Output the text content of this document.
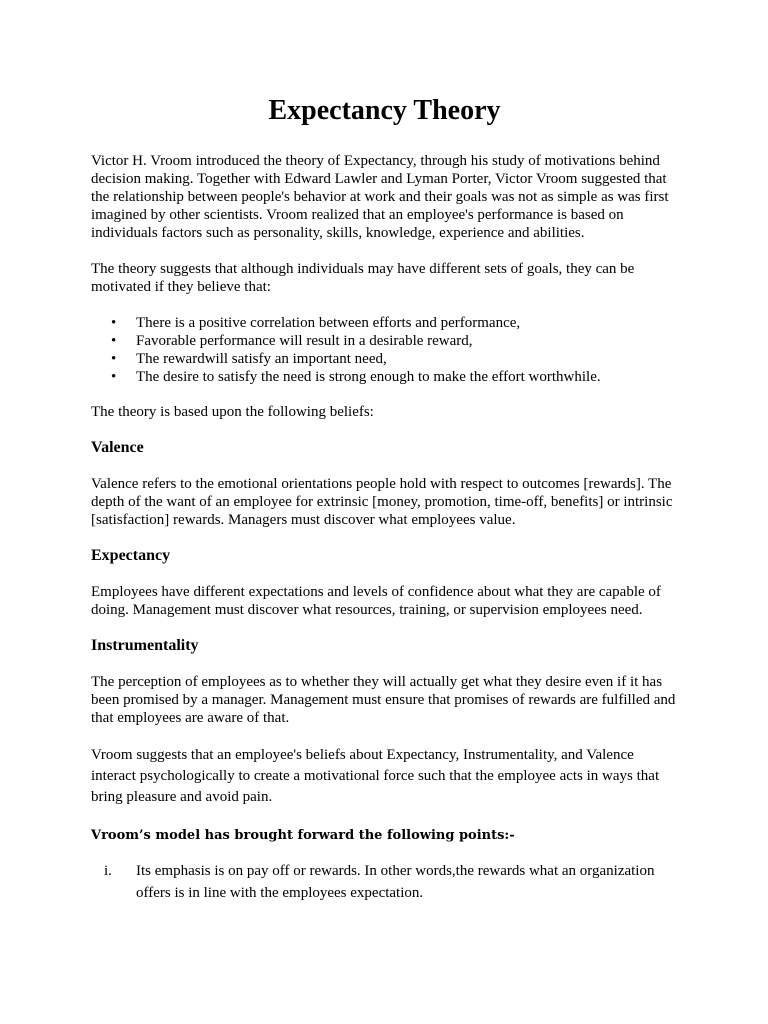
Expectancy Theory

Victor H. Vroom introduced the theory of Expectancy, through his study of motivations behind decision making. Together with Edward Lawler and Lyman Porter, Victor Vroom suggested that the relationship between people's behavior at work and their goals was not as simple as was first imagined by other scientists. Vroom realized that an employee's performance is based on individuals factors such as personality, skills, knowledge, experience and abilities.

The theory suggests that although individuals may have different sets of goals, they can be motivated if they believe that:

• There is a positive correlation between efforts and performance,
• Favorable performance will result in a desirable reward,
• The rewardwill satisfy an important need,
• The desire to satisfy the need is strong enough to make the effort worthwhile.

The theory is based upon the following beliefs:

Valence

Valence refers to the emotional orientations people hold with respect to outcomes [rewards]. The depth of the want of an employee for extrinsic [money, promotion, time-off, benefits] or intrinsic [satisfaction] rewards. Managers must discover what employees value.

Expectancy

Employees have different expectations and levels of confidence about what they are capable of doing. Management must discover what resources, training, or supervision employees need.

Instrumentality

The perception of employees as to whether they will actually get what they desire even if it has been promised by a manager. Management must ensure that promises of rewards are fulfilled and that employees are aware of that.

Vroom suggests that an employee's beliefs about Expectancy, Instrumentality, and Valence interact psychologically to create a motivational force such that the employee acts in ways that bring pleasure and avoid pain.

Vroom’s model has brought forward the following points:-

i. Its emphasis is on pay off or rewards. In other words,the rewards what an organization offers is in line with the employees expectation.
